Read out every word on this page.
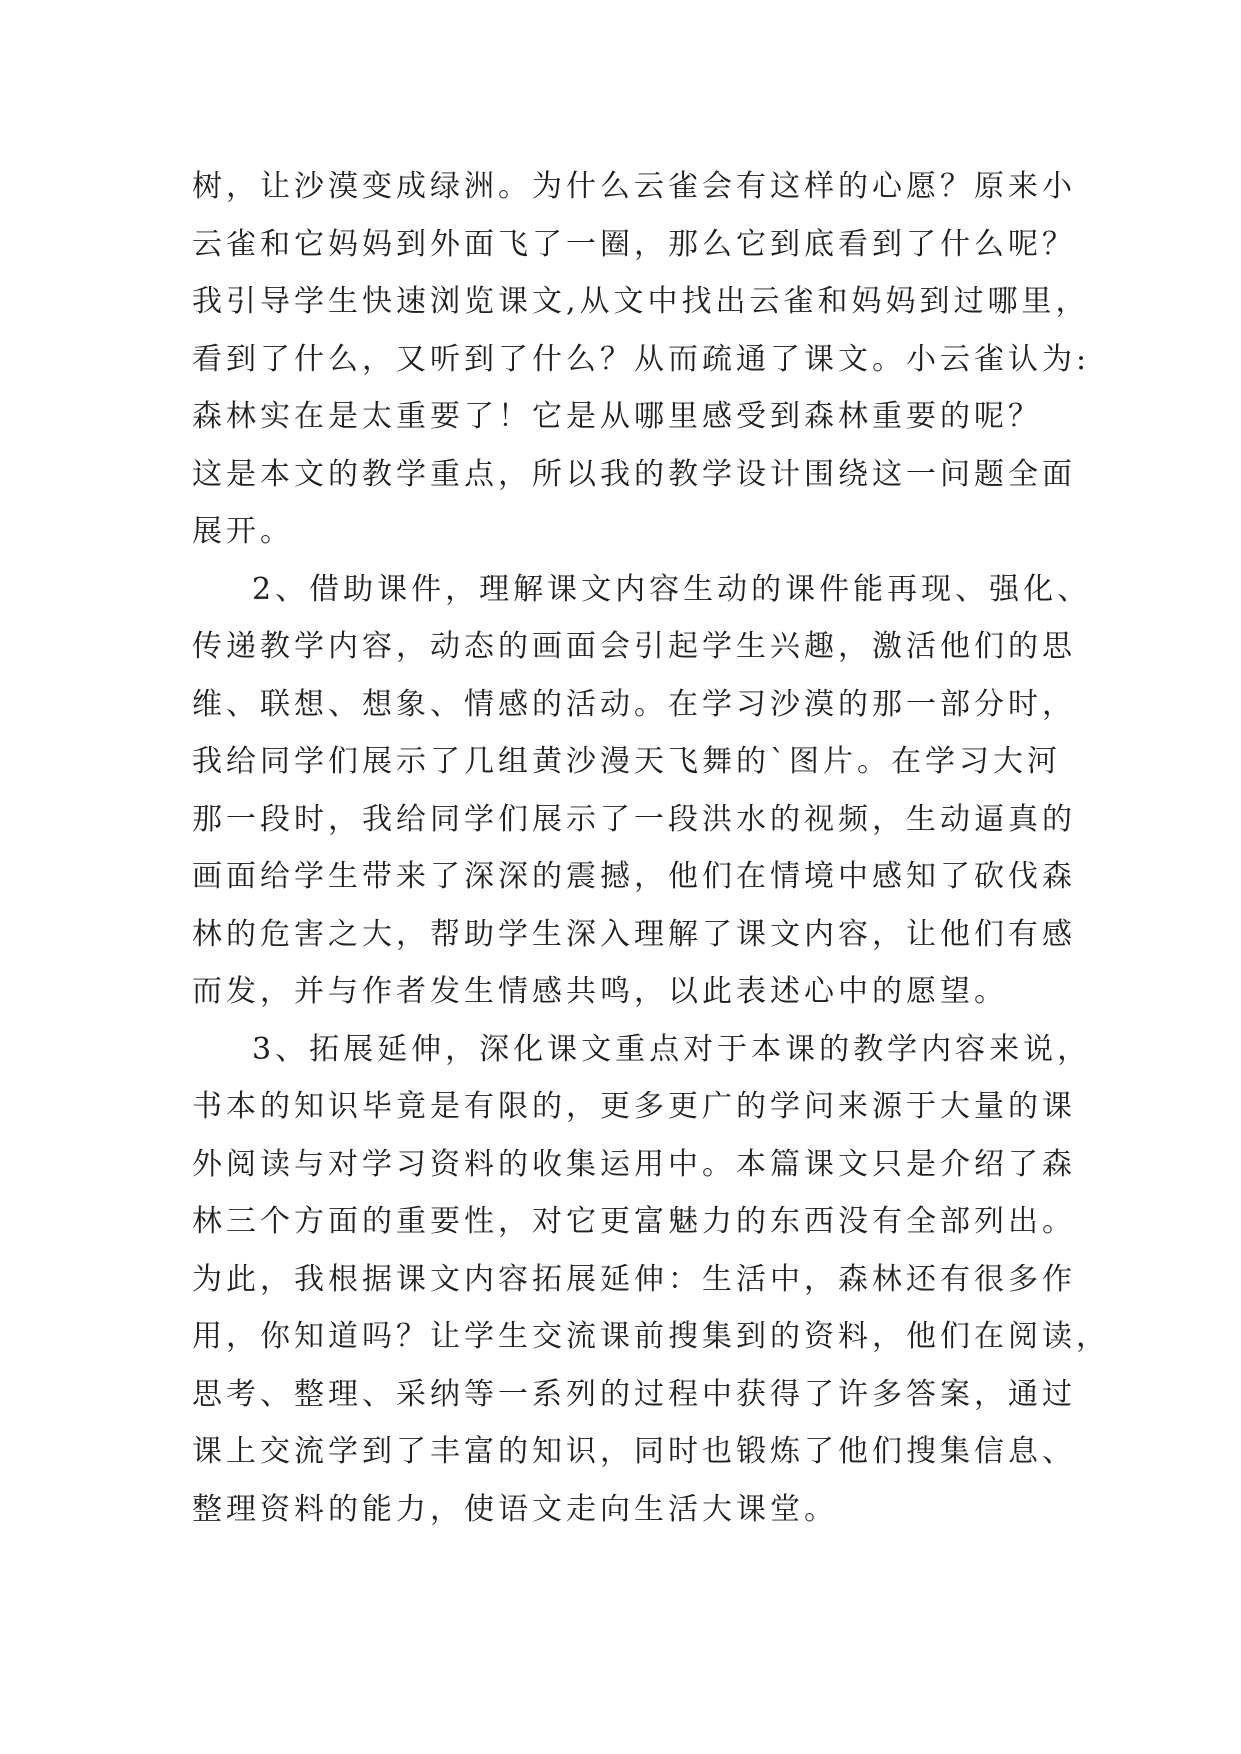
树，让沙漠变成绿洲。为什么云雀会有这样的心愿？原来小
云雀和它妈妈到外面飞了一圈，那么它到底看到了什么呢？
我引导学生快速浏览课文,从文中找出云雀和妈妈到过哪里，
看到了什么，又听到了什么？从而疏通了课文。小云雀认为:
森林实在是太重要了！它是从哪里感受到森林重要的呢？
这是本文的教学重点，所以我的教学设计围绕这一问题全面
展开。
2、借助课件，理解课文内容生动的课件能再现、强化、
传递教学内容，动态的画面会引起学生兴趣，激活他们的思
维、联想、想象、情感的活动。在学习沙漠的那一部分时，
我给同学们展示了几组黄沙漫天飞舞的`图片。在学习大河
那一段时，我给同学们展示了一段洪水的视频，生动逼真的
画面给学生带来了深深的震撼，他们在情境中感知了砍伐森
林的危害之大，帮助学生深入理解了课文内容，让他们有感
而发，并与作者发生情感共鸣，以此表述心中的愿望。
3、拓展延伸，深化课文重点对于本课的教学内容来说，
书本的知识毕竟是有限的，更多更广的学问来源于大量的课
外阅读与对学习资料的收集运用中。本篇课文只是介绍了森
林三个方面的重要性，对它更富魅力的东西没有全部列出。
为此，我根据课文内容拓展延伸：生活中，森林还有很多作
用，你知道吗？让学生交流课前搜集到的资料，他们在阅读，
思考、整理、采纳等一系列的过程中获得了许多答案，通过
课上交流学到了丰富的知识，同时也锻炼了他们搜集信息、
整理资料的能力，使语文走向生活大课堂。
